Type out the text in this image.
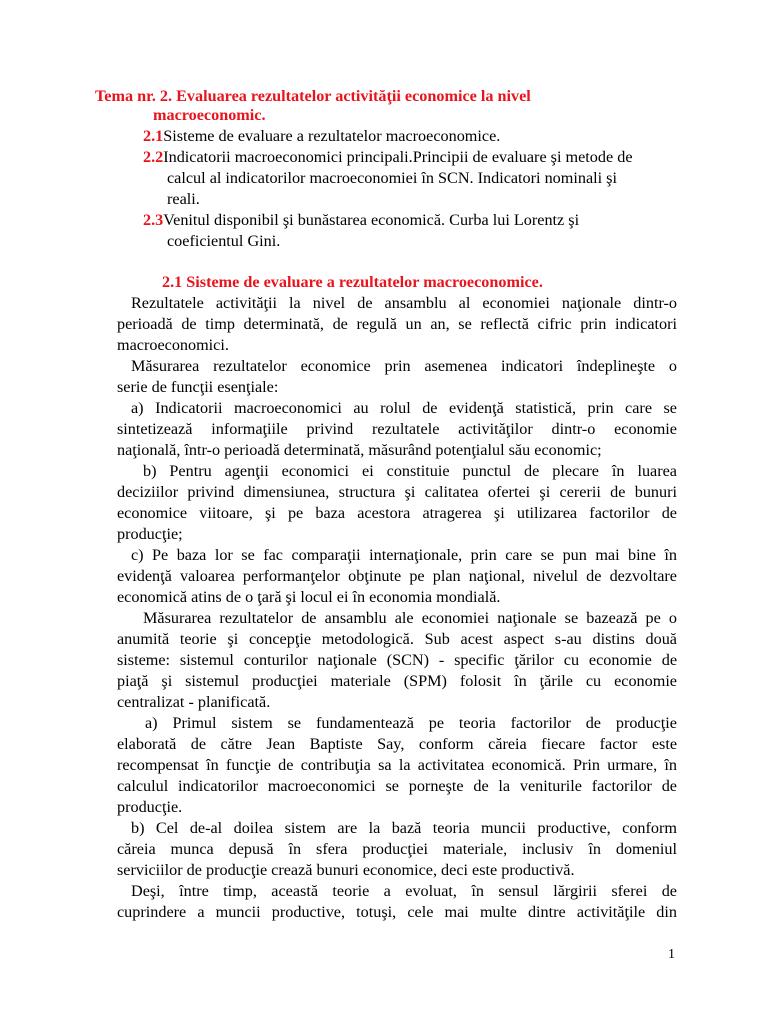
Tema nr. 2. Evaluarea rezultatelor activităţii economice la nivel
macroeconomic.
2.1Sisteme de evaluare a rezultatelor macroeconomice.
2.2Indicatorii macroeconomici principali.Principii de evaluare şi metode de
calcul al indicatorilor macroeconomiei în SCN. Indicatori nominali şi
reali.
2.3Venitul disponibil şi bunăstarea economică. Curba lui Lorentz şi
coeficientul Gini.
2.1 Sisteme de evaluare a rezultatelor macroeconomice.
Rezultatele activităţii la nivel de ansamblu al economiei naţionale dintr-o
perioadă de timp determinată, de regulă un an, se reflectă cifric prin indicatori
macroeconomici.
Măsurarea rezultatelor economice prin asemenea indicatori îndeplineşte o
serie de funcţii esenţiale:
a) Indicatorii macroeconomici au rolul de evidenţă statistică, prin care se
sintetizează informaţiile privind rezultatele activităţilor dintr-o economie
naţională, într-o perioadă determinată, măsurând potenţialul său economic;
b) Pentru agenţii economici ei constituie punctul de plecare în luarea
deciziilor privind dimensiunea, structura şi calitatea ofertei şi cererii de bunuri
economice viitoare, şi pe baza acestora atragerea şi utilizarea factorilor de
producţie;
c) Pe baza lor se fac comparaţii internaţionale, prin care se pun mai bine în
evidenţă valoarea performanţelor obţinute pe plan naţional, nivelul de dezvoltare
economică atins de o ţară şi locul ei în economia mondială.
Măsurarea rezultatelor de ansamblu ale economiei naţionale se bazează pe o
anumită teorie şi concepţie metodologică. Sub acest aspect s-au distins două
sisteme: sistemul conturilor naţionale (SCN) - specific ţărilor cu economie de
piaţă şi sistemul producţiei materiale (SPM) folosit în ţările cu economie
centralizat - planificată.
a) Primul sistem se fundamentează pe teoria factorilor de producţie
elaborată de către Jean Baptiste Say, conform căreia fiecare factor este
recompensat în funcţie de contribuţia sa la activitatea economică. Prin urmare, în
calculul indicatorilor macroeconomici se porneşte de la veniturile factorilor de
producţie.
b) Cel de-al doilea sistem are la bază teoria muncii productive, conform
căreia munca depusă în sfera producţiei materiale, inclusiv în domeniul
serviciilor de producţie crează bunuri economice, deci este productivă.
Deşi, între timp, această teorie a evoluat, în sensul lărgirii sferei de
cuprindere a muncii productive, totuşi, cele mai multe dintre activităţile din
1
